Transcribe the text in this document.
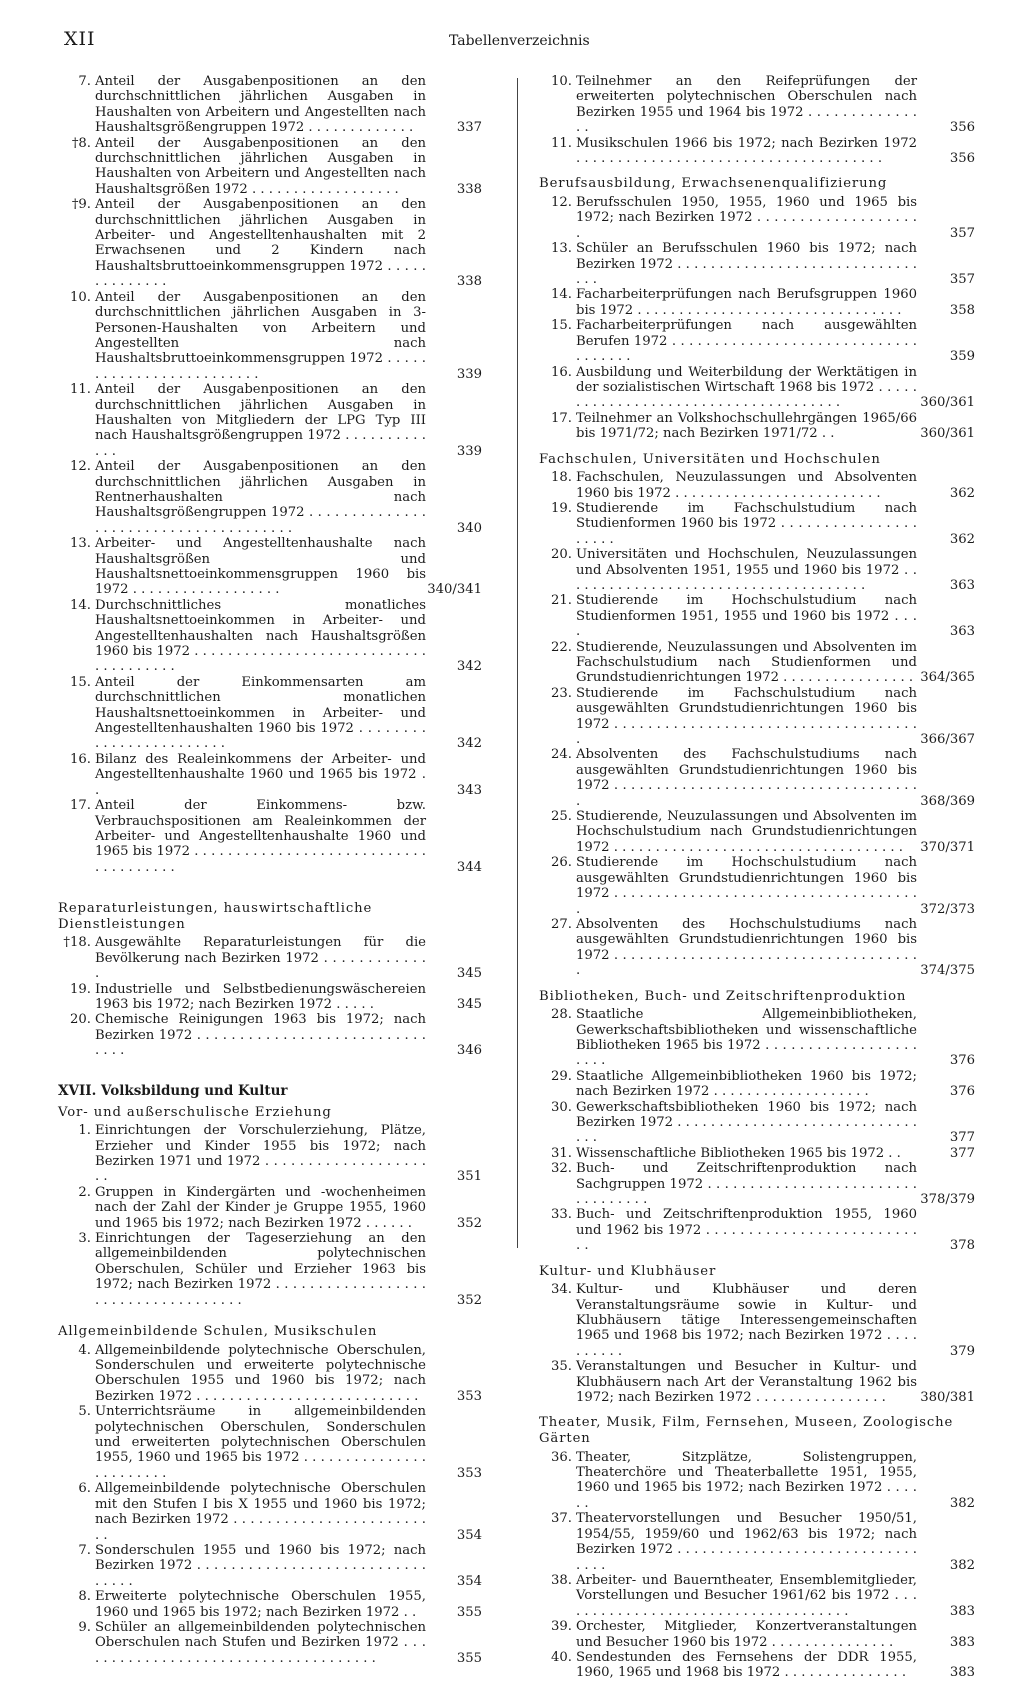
XII	Tabellenverzeichnis
7. Anteil der Ausgabenpositionen an den durchschnittlichen jährlichen Ausgaben in Haushalten von Arbeitern und Angestellten nach Haushaltsgrößengruppen 1972 . . . . . . . . . . . . .	337
†8. Anteil der Ausgabenpositionen an den durchschnittlichen jährlichen Ausgaben in Haushalten von Arbeitern und Angestellten nach Haushaltsgrößen 1972 . . . . . . . . . . . . . . . . . .	338
†9. Anteil der Ausgabenpositionen an den durchschnittlichen jährlichen Ausgaben in Arbeiter- und Angestelltenhaushalten mit 2 Erwachsenen und 2 Kindern nach Haushaltsbruttoeinkommensgruppen 1972 . . . . . . . . . . . . . .	338
10. Anteil der Ausgabenpositionen an den durchschnittlichen jährlichen Ausgaben in 3-Personen-Haushalten von Arbeitern und Angestellten nach Haushaltsbruttoeinkommensgruppen 1972 . . . . . . . . . . . . . . . . . . . . . . . . .	339
11. Anteil der Ausgabenpositionen an den durchschnittlichen jährlichen Ausgaben in Haushalten von Mitgliedern der LPG Typ III nach Haushaltsgrößengruppen 1972 . . . . . . . . . . . . .	339
12. Anteil der Ausgabenpositionen an den durchschnittlichen jährlichen Ausgaben in Rentnerhaushalten nach Haushaltsgrößengruppen 1972 . . . . . . . . . . . . . . . . . . . . . . . . . . . . . . . . . . . . . .	340
13. Arbeiter- und Angestelltenhaushalte nach Haushaltsgrößen und Haushaltsnettoeinkommensgruppen 1960 bis 1972 . . . . . . . . . . . . . . . . . .	340/341
14. Durchschnittliches monatliches Haushaltsnettoeinkommen in Arbeiter- und Angestelltenhaushalten nach Haushaltsgrößen 1960 bis 1972 . . . . . . . . . . . . . . . . . . . . . . . . . . . . . . . . . . . . . .	342
15. Anteil der Einkommensarten am durchschnittlichen monatlichen Haushaltsnettoeinkommen in Arbeiter- und Angestelltenhaushalten 1960 bis 1972 . . . . . . . . . . . . . . . . . . . . . . . .	342
16. Bilanz des Realeinkommens der Arbeiter- und Angestelltenhaushalte 1960 und 1965 bis 1972 . .	343
17. Anteil der Einkommens- bzw. Verbrauchspositionen am Realeinkommen der Arbeiter- und Angestelltenhaushalte 1960 und 1965 bis 1972 . . . . . . . . . . . . . . . . . . . . . . . . . . . . . . . . . . . . . .	344
Reparaturleistungen, hauswirtschaftliche Dienstleistungen
†18. Ausgewählte Reparaturleistungen für die Bevölkerung nach Bezirken 1972 . . . . . . . . . . . . .	345
19. Industrielle und Selbstbedienungswäschereien 1963 bis 1972; nach Bezirken 1972 . . . . .	345
20. Chemische Reinigungen 1963 bis 1972; nach Bezirken 1972 . . . . . . . . . . . . . . . . . . . . . . . . . . . . . . .	346
XVII. Volksbildung und Kultur
Vor- und außerschulische Erziehung
1. Einrichtungen der Vorschulerziehung, Plätze, Erzieher und Kinder 1955 bis 1972; nach Bezirken 1971 und 1972 . . . . . . . . . . . . . . . . . . . . .	351
2. Gruppen in Kindergärten und -wochenheimen nach der Zahl der Kinder je Gruppe 1955, 1960 und 1965 bis 1972; nach Bezirken 1972 . . . . . .	352
3. Einrichtungen der Tageserziehung an den allgemeinbildenden polytechnischen Oberschulen, Schüler und Erzieher 1963 bis 1972; nach Bezirken 1972 . . . . . . . . . . . . . . . . . . . . . . . . . . . . . . . . . . . .	352
Allgemeinbildende Schulen, Musikschulen
4. Allgemeinbildende polytechnische Oberschulen, Sonderschulen und erweiterte polytechnische Oberschulen 1955 und 1960 bis 1972; nach Bezirken 1972 . . . . . . . . . . . . . . . . . . . . . . . . . . .	353
5. Unterrichtsräume in allgemeinbildenden polytechnischen Oberschulen, Sonderschulen und erweiterten polytechnischen Oberschulen 1955, 1960 und 1965 bis 1972 . . . . . . . . . . . . . . . . . . . . . . . .	353
6. Allgemeinbildende polytechnische Oberschulen mit den Stufen I bis X 1955 und 1960 bis 1972; nach Bezirken 1972 . . . . . . . . . . . . . . . . . . . . . . . . .	354
7. Sonderschulen 1955 und 1960 bis 1972; nach Bezirken 1972 . . . . . . . . . . . . . . . . . . . . . . . . . . . . . . . .	354
8. Erweiterte polytechnische Oberschulen 1955, 1960 und 1965 bis 1972; nach Bezirken 1972 . .	355
9. Schüler an allgemeinbildenden polytechnischen Oberschulen nach Stufen und Bezirken 1972 . . . . . . . . . . . . . . . . . . . . . . . . . . . . . . . . . . . . .	355
10. Teilnehmer an den Reifeprüfungen der erweiterten polytechnischen Oberschulen nach Bezirken 1955 und 1964 bis 1972 . . . . . . . . . . . . . . .	356
11. Musikschulen 1966 bis 1972; nach Bezirken 1972 . . . . . . . . . . . . . . . . . . . . . . . . . . . . . . . . . . . . .	356
Berufsausbildung, Erwachsenenqualifizierung
12. Berufsschulen 1950, 1955, 1960 und 1965 bis 1972; nach Bezirken 1972 . . . . . . . . . . . . . . . . . . . .	357
13. Schüler an Berufsschulen 1960 bis 1972; nach Bezirken 1972 . . . . . . . . . . . . . . . . . . . . . . . . . . . . . . . .	357
14. Facharbeiterprüfungen nach Berufsgruppen 1960 bis 1972 . . . . . . . . . . . . . . . . . . . . . . . . . . . . . . . .	358
15. Facharbeiterprüfungen nach ausgewählten Berufen 1972 . . . . . . . . . . . . . . . . . . . . . . . . . . . . . . . . . . . .	359
16. Ausbildung und Weiterbildung der Werktätigen in der sozialistischen Wirtschaft 1968 bis 1972 . . . . . . . . . . . . . . . . . . . . . . . . . . . . . . . . . . . . .	360/361
17. Teilnehmer an Volkshochschullehrgängen 1965/66 bis 1971/72; nach Bezirken 1971/72 . .	360/361
Fachschulen, Universitäten und Hochschulen
18. Fachschulen, Neuzulassungen und Absolventen 1960 bis 1972 . . . . . . . . . . . . . . . . . . . . . . . . .	362
19. Studierende im Fachschulstudium nach Studienformen 1960 bis 1972 . . . . . . . . . . . . . . . . . . . . .	362
20. Universitäten und Hochschulen, Neuzulassungen und Absolventen 1951, 1955 und 1960 bis 1972 . . . . . . . . . . . . . . . . . . . . . . . . . . . . . . . . . . . . .	363
21. Studierende im Hochschulstudium nach Studienformen 1951, 1955 und 1960 bis 1972 . . . .	363
22. Studierende, Neuzulassungen und Absolventen im Fachschulstudium nach Studienformen und Grundstudienrichtungen 1972 . . . . . . . . . . . . . . . . 364/365
23. Studierende im Fachschulstudium nach ausgewählten Grundstudienrichtungen 1960 bis 1972 . . . . . . . . . . . . . . . . . . . . . . . . . . . . . . . . . . . . .	366/367
24. Absolventen des Fachschulstudiums nach ausgewählten Grundstudienrichtungen 1960 bis 1972 . . . . . . . . . . . . . . . . . . . . . . . . . . . . . . . . . . . . .	368/369
25. Studierende, Neuzulassungen und Absolventen im Hochschulstudium nach Grundstudienrichtungen 1972 . . . . . . . . . . . . . . . . . . . . . . . . . . . . . . . . . . . 370/371
26. Studierende im Hochschulstudium nach ausgewählten Grundstudienrichtungen 1960 bis 1972 . . . . . . . . . . . . . . . . . . . . . . . . . . . . . . . . . . . . .	372/373
27. Absolventen des Hochschulstudiums nach ausgewählten Grundstudienrichtungen 1960 bis 1972 . . . . . . . . . . . . . . . . . . . . . . . . . . . . . . . . . . . . .	374/375
Bibliotheken, Buch- und Zeitschriftenproduktion
28. Staatliche Allgemeinbibliotheken, Gewerkschaftsbibliotheken und wissenschaftliche Bibliotheken 1965 bis 1972 . . . . . . . . . . . . . . . . . . . . . .	376
29. Staatliche Allgemeinbibliotheken 1960 bis 1972; nach Bezirken 1972 . . . . . . . . . . . . . . . . . . .	376
30. Gewerkschaftsbibliotheken 1960 bis 1972; nach Bezirken 1972 . . . . . . . . . . . . . . . . . . . . . . . . . . . . . . . .	377
31. Wissenschaftliche Bibliotheken 1965 bis 1972 . .	377
32. Buch- und Zeitschriftenproduktion nach Sachgruppen 1972 . . . . . . . . . . . . . . . . . . . . . . . . . . . . . . . . . .	378/379
33. Buch- und Zeitschriftenproduktion 1955, 1960 und 1962 bis 1972 . . . . . . . . . . . . . . . . . . . . . . . . . . .	378
Kultur- und Klubhäuser
34. Kultur- und Klubhäuser und deren Veranstaltungsräume sowie in Kultur- und Klubhäusern tätige Interessengemeinschaften 1965 und 1968 bis 1972; nach Bezirken 1972 . . . . . . . . . .	379
35. Veranstaltungen und Besucher in Kultur- und Klubhäusern nach Art der Veranstaltung 1962 bis 1972; nach Bezirken 1972 . . . . . . . . . . . . . . . .	380/381
Theater, Musik, Film, Fernsehen, Museen, Zoologische Gärten
36. Theater, Sitzplätze, Solistengruppen, Theaterchöre und Theaterballette 1951, 1955, 1960 und 1965 bis 1972; nach Bezirken 1972 . . . . . .	382
37. Theatervorstellungen und Besucher 1950/51, 1954/55, 1959/60 und 1962/63 bis 1972; nach Bezirken 1972 . . . . . . . . . . . . . . . . . . . . . . . . . . . . . . . . .	382
38. Arbeiter- und Bauerntheater, Ensemblemitglieder, Vorstellungen und Besucher 1961/62 bis 1972 . . . . . . . . . . . . . . . . . . . . . . . . . . . . . . . . . . . .	383
39. Orchester, Mitglieder, Konzertveranstaltungen und Besucher 1960 bis 1972 . . . . . . . . . . . . . . .	383
40. Sendestunden des Fernsehens der DDR 1955, 1960, 1965 und 1968 bis 1972 . . . . . . . . . . . . . . .	383
